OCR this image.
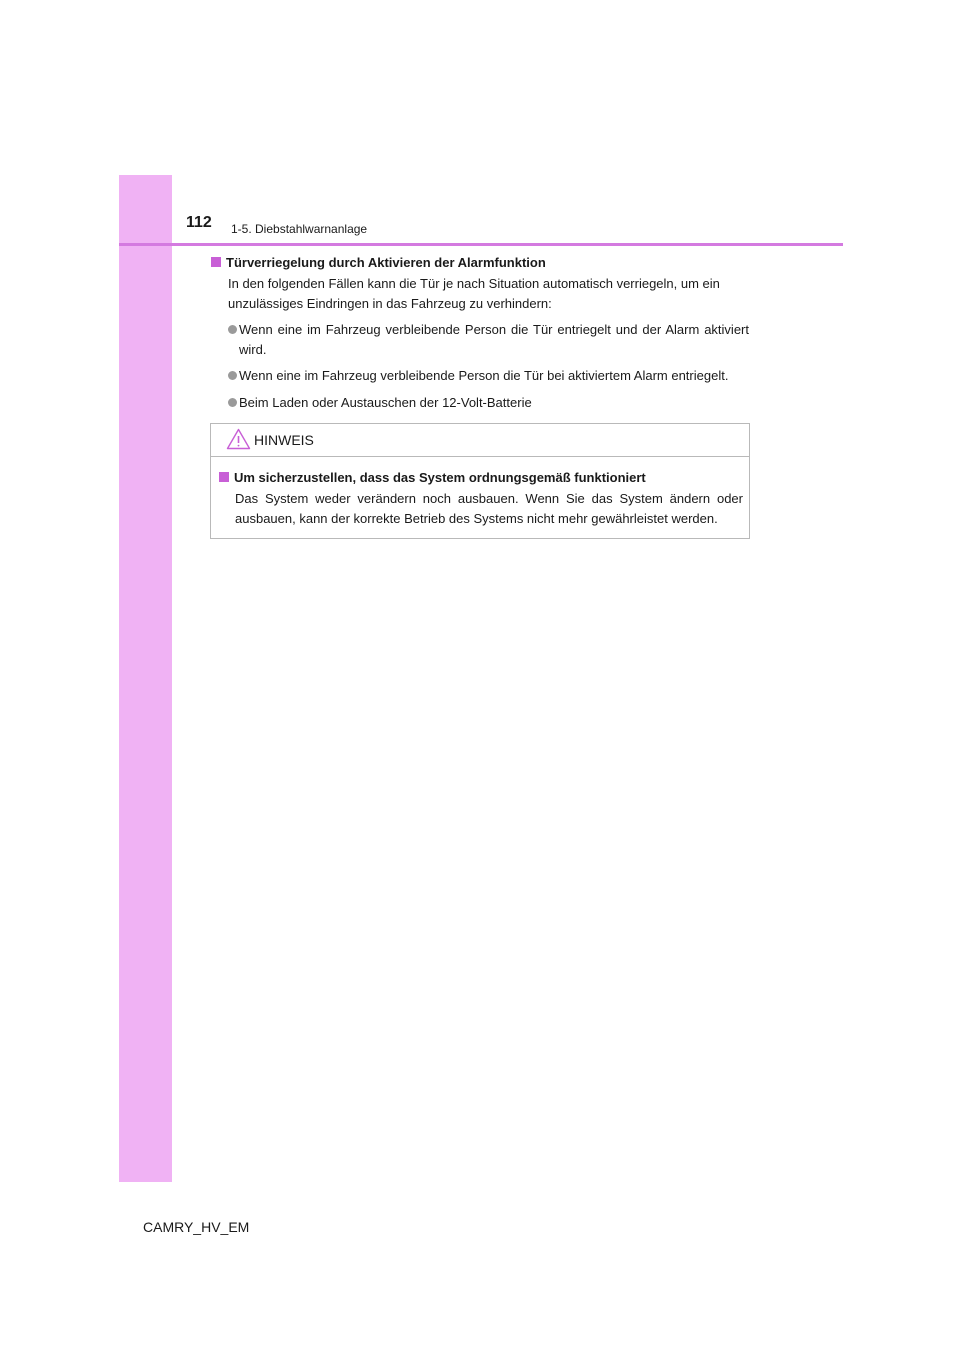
112 1-5. Diebstahlwarnanlage
Türverriegelung durch Aktivieren der Alarmfunktion
In den folgenden Fällen kann die Tür je nach Situation automatisch verriegeln, um ein unzulässiges Eindringen in das Fahrzeug zu verhindern:
Wenn eine im Fahrzeug verbleibende Person die Tür entriegelt und der Alarm aktiviert wird.
Wenn eine im Fahrzeug verbleibende Person die Tür bei aktiviertem Alarm entriegelt.
Beim Laden oder Austauschen der 12-Volt-Batterie
HINWEIS
Um sicherzustellen, dass das System ordnungsgemäß funktioniert
Das System weder verändern noch ausbauen. Wenn Sie das System ändern oder ausbauen, kann der korrekte Betrieb des Systems nicht mehr gewährleistet werden.
CAMRY_HV_EM
